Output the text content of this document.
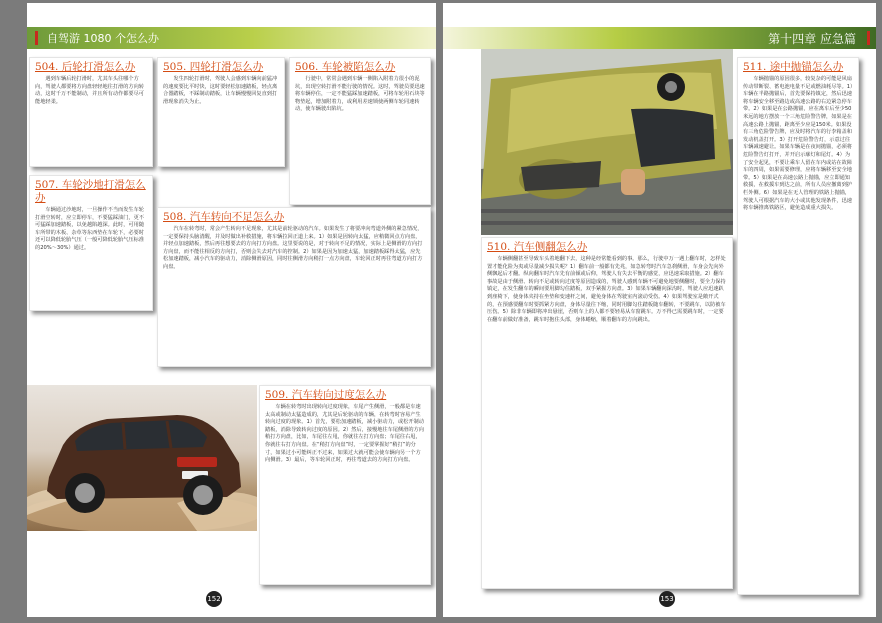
自驾游 1080 个怎么办
504. 后轮打滑怎么办

遇到车辆后轮打滑时，尤其车头往哪个方向，驾驶人都要将方向盘轻轻地往打滑的方向转动，这时千万不能制动，并且所有动作都要尽可能地轻柔。

505. 四轮打滑怎么办

发生四轮打滑时，驾驶人会感到车辆向前猛冲的速度要比平时快，这时要轻松加速踏板，轻点离合器踏板，不踩制动踏板，让车辆慢慢回复直到打滑现象消失为止。

506. 车轮被陷怎么办

行驶中，常常会遇到车辆一侧陷入附着力很小的泥坑，出现空转打滑不能行驶的情况。这时，驾驶员要迅速将车辆停住，一定不能猛踩加速踏板，可将车轮用石块等物垫起，增加附着力，或利用差速锁使两侧车轮同速转动，使车辆驶出陷坑。

507. 车轮沙地打滑怎么办

车辆通过沙地时，一旦操作不当而发生车轮打滑空转时，应立即停车，不要猛踩油门，更不可猛踩加速踏板，以免越陷越深。此时，可用随车所带的木板、杂草等东西垫在车轮下，必要时还可以降低轮胎气压（一般可降低轮胎气压标准的20%～30%）通过。

508. 汽车转向不足怎么办

汽车在转弯时，常会产生转向不足现象，尤其是前轮驱动的汽车。如果发生了将要冲向弯道外侧的紧急情况，一定要保持头脑清醒，并及时做出补救措施，将车辆拉回正道上来。1）如果是因转向太猛，应稍微回点方向盘，并轻点加速踏板，然后再往想要去的方向打方向盘。这里要说的是，对于转向不足的情况，实际上是侧滑的方向打方向盘，而不能往相反的方向打，否则会失去对汽车的控制。2）如果是因为加速太猛，加速踏板踩得太猛，应先松加速踏板，减小汽车的驱动力，消除侧滑原因，同时往侧滑方向稍打一点方向盘，车轮回正时再往弯道方向打方向盘。

509. 汽车转向过度怎么办

车辆在转弯时出现转向过度现象，车尾产生侧滑，一般都是车速太高或制动太猛造成的，尤其是后轮驱动的车辆，在转弯时容易产生转向过度的现象。1）首先，要松加速踏板，减小驱动力，或松开制动踏板，消除导致转向过度的原因。2）然后，接慢地往车尾侧滑的方向稍打方向盘，比如，车尾往左甩，你就往左打方向盘；车尾往右甩，你就往右打方向盘。在“稍打方向盘”时，一定要掌握好“稍打”的分寸，如果过小可能纠正不过来，如果过大就可能会使车辆向另一个方向侧滑。3）最后，等车轮回正时，再往弯道去的方向打方向盘。

152
第十四章 应急篇
510. 汽车侧翻怎么办

车辆侧翻甚至导致车头着地翻下去，这种是经常能看到的事。那么，行驶中万一遇上翻车时，怎样处置才能化险为夷或尽量减少损失呢？1）翻车前一般都有先兆，如急转弯时汽车急刹侧滑，车身会先向外侧飘起后才翻。纵向翻车时汽车先有前倾或后仰，驾驶人有失去平衡的感觉，应迅速采取措施。2）翻车事故是由于侧滑、转向不足或转向过度等原因造成的，驾驶人感到车辆不可避免地要侧翻时，要全力保持镇定，在发生翻车的瞬间要用脚勾住踏板，双手紧握方向盘。3）如果车辆翻向深沟时，驾驶人应迅速趴到座椅下，使身体夹持在坐垫和变速杆之间，避免身体在驾驶室内滚动受伤。4）如果驾驶室是敞开式的，在预感要翻车时要抓紧方向盘，身体尽量往下缩，同时用脚勾住踏板随车翻转，不要跳车，以防被车压伤。5）除非车辆即将冲出悬崖，否则车上的人都不要轻易从车窗跳车。万不得已需要跳车时，一定要在翻车前做好准备，跳车时抱住头部，身体蜷缩，顺着翻车的方向跳出。

511. 途中抛锚怎么办

车辆抛锚的原因很多，较复杂的可能是风扇传动带断裂、蓄电池电量不足或燃油耗尽等。1）车辆在半路抛锚后，首先要保持镇定，然后迅速将车辆安全移至路边或高速公路的右边紧急停车带。2）如果是在公路抛锚，应在离车后至少50米远的地方摆放一个三角危险警告牌，如果是在高速公路上抛锚，距离至少应是150米。如果没有三角危险警告牌，应及时将汽车的行李箱盖和发动机盖打开。3）打开危险警告灯，示意过往车辆减速避让。如果车辆是在夜间抛锚，必须将危险警告灯打开，并开启示廓灯和尾灯。4）为了安全起见，不要让乘车人留在车内或站在故障车的四周，如果需要修理，应将车辆移至安全地带。5）如果是在高速公路上抛锚，应立即通知救援，在救援车到达之前，所有人员应撤离到护栏外侧。6）如果是在无人管理的铁路上抛锚，驾驶人可根据汽车的大小或其他发现条件，迅速将车辆推离铁路区，避免造成重大损失。

153
